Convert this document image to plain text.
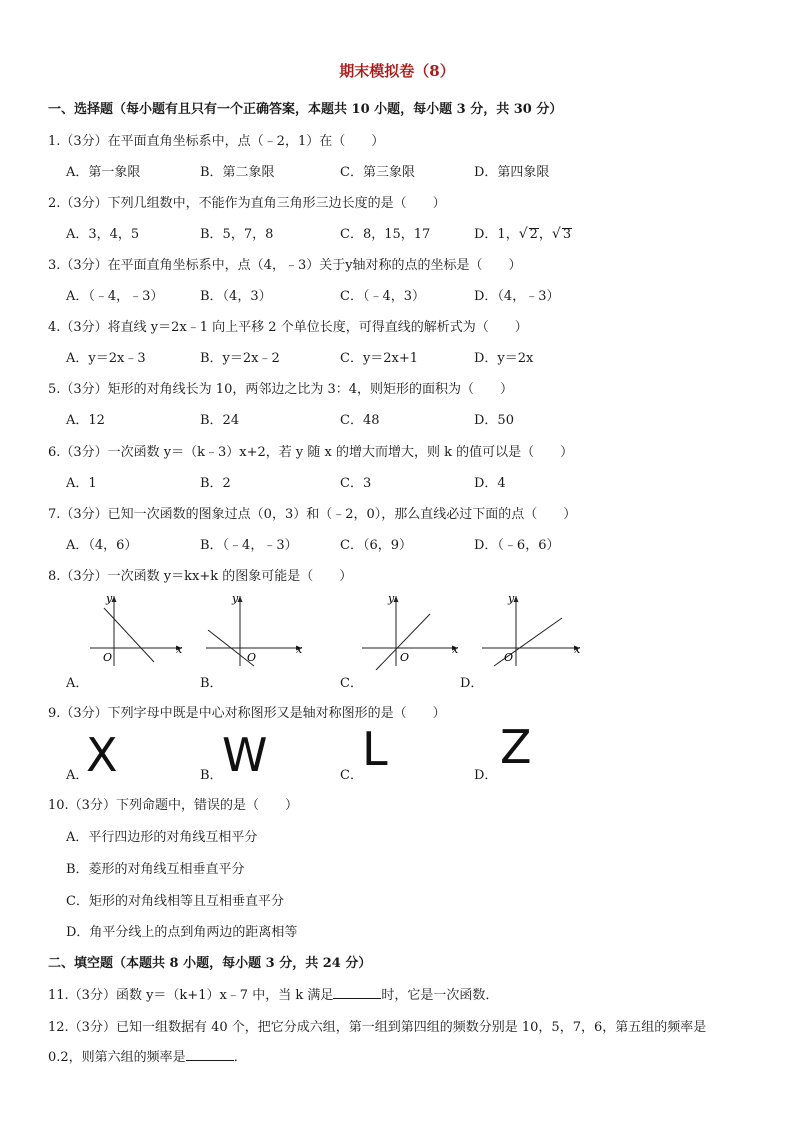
期末模拟卷（8）
一、选择题（每小题有且只有一个正确答案，本题共 10 小题，每小题 3 分，共 30 分）
1.（3分）在平面直角坐标系中，点（﹣2，1）在（　　）
A．第一象限	B．第二象限	C．第三象限	D．第四象限
2.（3分）下列几组数中，不能作为直角三角形三边长度的是（　　）
A．3，4，5	B．5，7，8	C．8，15，17	D．1，√ 2，√ 3
3.（3分）在平面直角坐标系中，点（4，﹣3）关于y轴对称的点的坐标是（　　）
A．（﹣4，﹣3）	B．（4，3）	C．（﹣4，3）	D．（4，﹣3）
4.（3分）将直线 y＝2x﹣1 向上平移 2 个单位长度，可得直线的解析式为（　　）
A．y＝2x﹣3	B．y＝2x﹣2	C．y＝2x+1	D．y＝2x
5.（3分）矩形的对角线长为 10，两邻边之比为 3：4，则矩形的面积为（　　）
A．12	B．24	C．48	D．50
6.（3分）一次函数 y＝（k﹣3）x+2，若 y 随 x 的增大而增大，则 k 的值可以是（　　）
A．1	B．2	C．3	D．4
7.（3分）已知一次函数的图象过点（0，3）和（﹣2，0），那么直线必过下面的点（　　）
A．（4，6）	B．（﹣4，﹣3）	C．（6，9）	D．（﹣6，6）
8.（3分）一次函数 y＝kx+k 的图象可能是（　　）
y
x
O
y
x
O
y
x
O
y
x
O
A．	B．	C．	D．
9.（3分）下列字母中既是中心对称图形又是轴对称图形的是（　　）
A．
X	B． W	C． L	D．
Z
10.（3分）下列命题中，错误的是（　　）
A．平行四边形的对角线互相平分
B．菱形的对角线互相垂直平分
C．矩形的对角线相等且互相垂直平分
D．角平分线上的点到角两边的距离相等
二、填空题（本题共 8 小题，每小题 3 分，共 24 分）
11.（3分）函数 y＝（k+1）x﹣7 中，当 k 满足	时，它是一次函数．
12.（3分）已知一组数据有 40 个，把它分成六组，第一组到第四组的频数分别是 10，5，7，6，第五组的频率是
0.2，则第六组的频率是	．
